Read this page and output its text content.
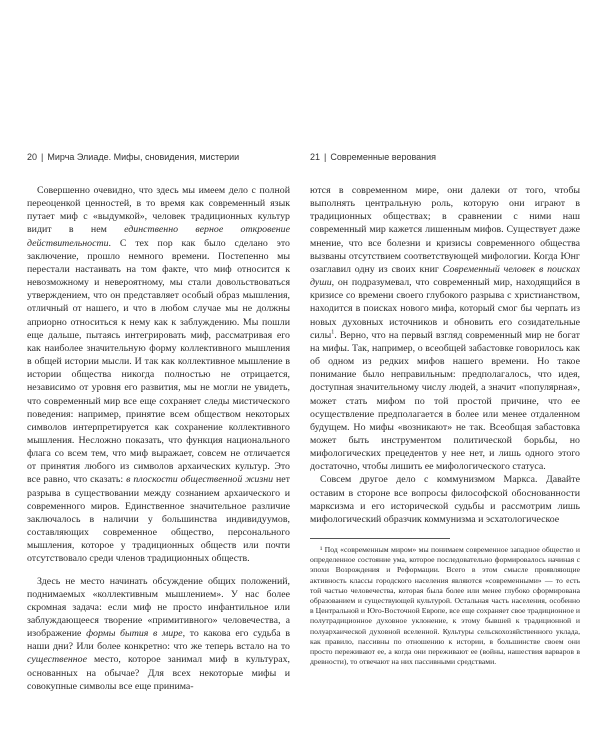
20 | Мирча Элиаде. Мифы, сновидения, мистерии

Совершенно очевидно, что здесь мы имеем дело с полной переоценкой ценностей, в то время как современный язык путает миф с «выдумкой», человек традиционных культур видит в нем единственно верное откровение действительности. С тех пор как было сделано это заключение, прошло немного времени. Постепенно мы перестали настаивать на том факте, что миф относится к невозможному и невероятному, мы стали довольствоваться утверждением, что он представляет особый образ мышления, отличный от нашего, и что в любом случае мы не должны априорно относиться к нему как к заблуждению. Мы пошли еще дальше, пытаясь интегрировать миф, рассматривая его как наиболее значительную форму коллективного мышления в общей истории мысли. И так как коллективное мышление в истории общества никогда полностью не отрицается, независимо от уровня его развития, мы не могли не увидеть, что современный мир все еще сохраняет следы мистического поведения: например, принятие всем обществом некоторых символов интерпретируется как сохранение коллективного мышления. Несложно показать, что функция национального флага со всем тем, что миф выражает, совсем не отличается от принятия любого из символов архаических культур. Это все равно, что сказать: в плоскости общественной жизни нет разрыва в существовании между сознанием архаического и современного миров. Единственное значительное различие заключалось в наличии у большинства индивидуумов, составляющих современное общество, персонального мышления, которое у традиционных обществ или почти отсутствовало среди членов традиционных обществ.

Здесь не место начинать обсуждение общих положений, поднимаемых «коллективным мышлением». У нас более скромная задача: если миф не просто инфантильное или заблуждающееся творение «примитивного» человечества, а изображение формы бытия в мире, то какова его судьба в наши дни? Или более конкретно: что же теперь встало на то существенное место, которое занимал миф в культурах, основанных на обычае? Для всех некоторые мифы и совокупные символы все еще принима-

21 | Современные верования

ются в современном мире, они далеки от того, чтобы выполнять центральную роль, которую они играют в традиционных обществах; в сравнении с ними наш современный мир кажется лишенным мифов. Существует даже мнение, что все болезни и кризисы современного общества вызваны отсутствием соответствующей мифологии. Когда Юнг озаглавил одну из своих книг Современный человек в поисках души, он подразумевал, что современный мир, находящийся в кризисе со времени своего глубокого разрыва с христианством, находится в поисках нового мифа, который смог бы черпать из новых духовных источников и обновить его созидательные силы$^1$. Верно, что на первый взгляд современный мир не богат на мифы. Так, например, о всеобщей забастовке говорилось как об одном из редких мифов нашего времени. Но такое понимание было неправильным: предполагалось, что идея, доступная значительному числу людей, а значит «популярная», может стать мифом по той простой причине, что ее осуществление предполагается в более или менее отдаленном будущем. Но мифы «возникают» не так. Всеобщая забастовка может быть инструментом политической борьбы, но мифологических прецедентов у нее нет, и лишь одного этого достаточно, чтобы лишить ее мифологического статуса.

Совсем другое дело с коммунизмом Маркса. Давайте оставим в стороне все вопросы философской обоснованности марксизма и его исторической судьбы и рассмотрим лишь мифологический образчик коммунизма и эсхатологическое

¹ Под «современным миром» мы понимаем современное западное общество и определенное состояние ума, которое последовательно формировалось начиная с эпохи Возрождения и Реформации. Всего в этом смысле проявляющие активность классы городского населения являются «современными» — то есть той частью человечества, которая была более или менее глубоко сформирована образованием и существующей культурой. Остальная часть населения, особенно в Центральной и Юго-Восточной Европе, все еще сохраняет свое традиционное и полутрадиционное духовное уклонение, к этому бывшей к традиционной и полуархаической духовной вселенной. Культуры сельскохозяйственного уклада, как правило, пассивны по отношению к истории, в большинстве своем они просто переживают ее, а когда они переживают ее (войны, нашествия варваров в древности), то отвечают на них пассивными средствами.
